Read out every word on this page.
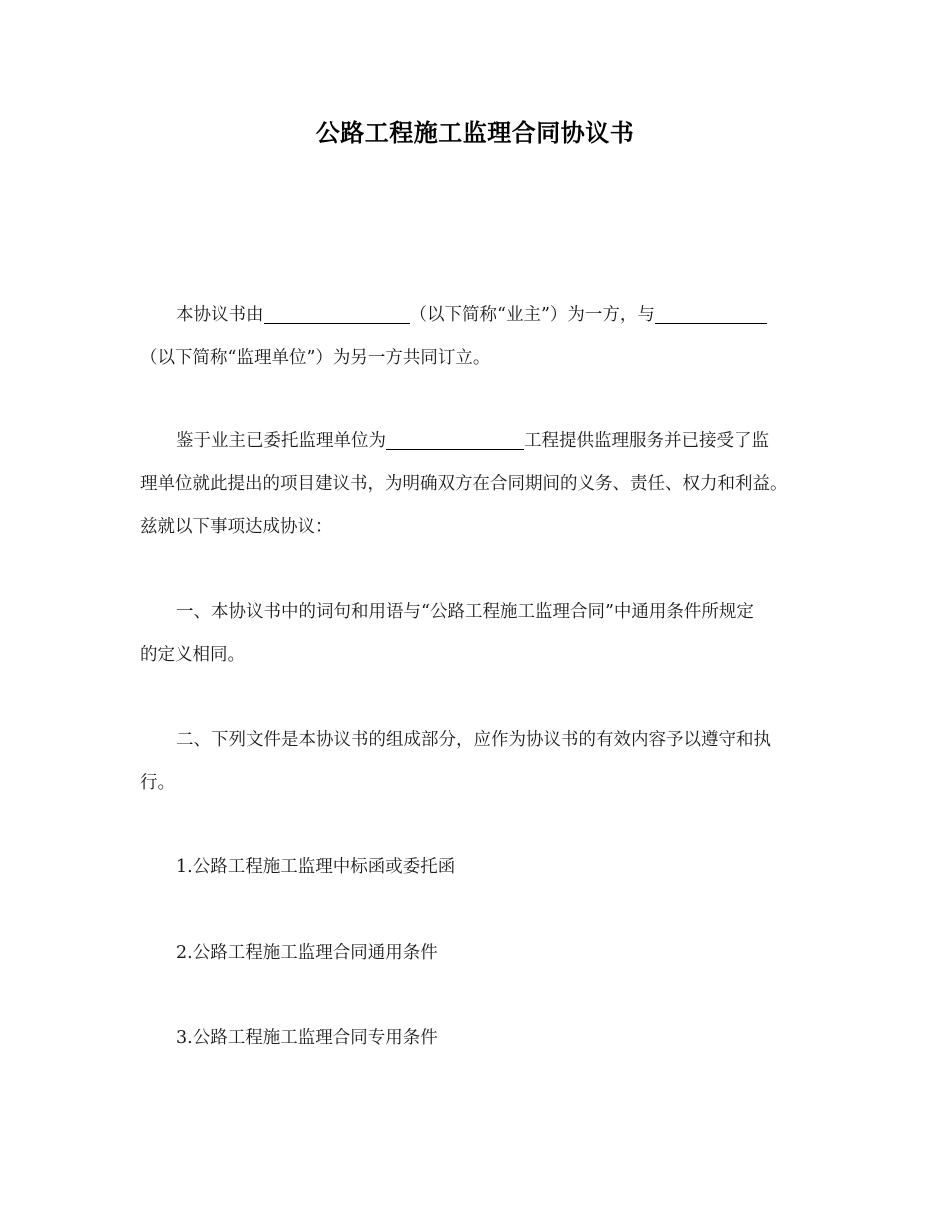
公路工程施工监理合同协议书

本协议书由	（以下简称“业主”）为一方，与

（以下简称“监理单位”）为另一方共同订立。

鉴于业主已委托监理单位为	工程提供监理服务并已接受了监

理单位就此提出的项目建议书，为明确双方在合同期间的义务、责任、权力和利益。

兹就以下事项达成协议：

一、本协议书中的词句和用语与“公路工程施工监理合同”中通用条件所规定

的定义相同。

二、下列文件是本协议书的组成部分，应作为协议书的有效内容予以遵守和执

行。

1.公路工程施工监理中标函或委托函
2.公路工程施工监理合同通用条件
3.公路工程施工监理合同专用条件
